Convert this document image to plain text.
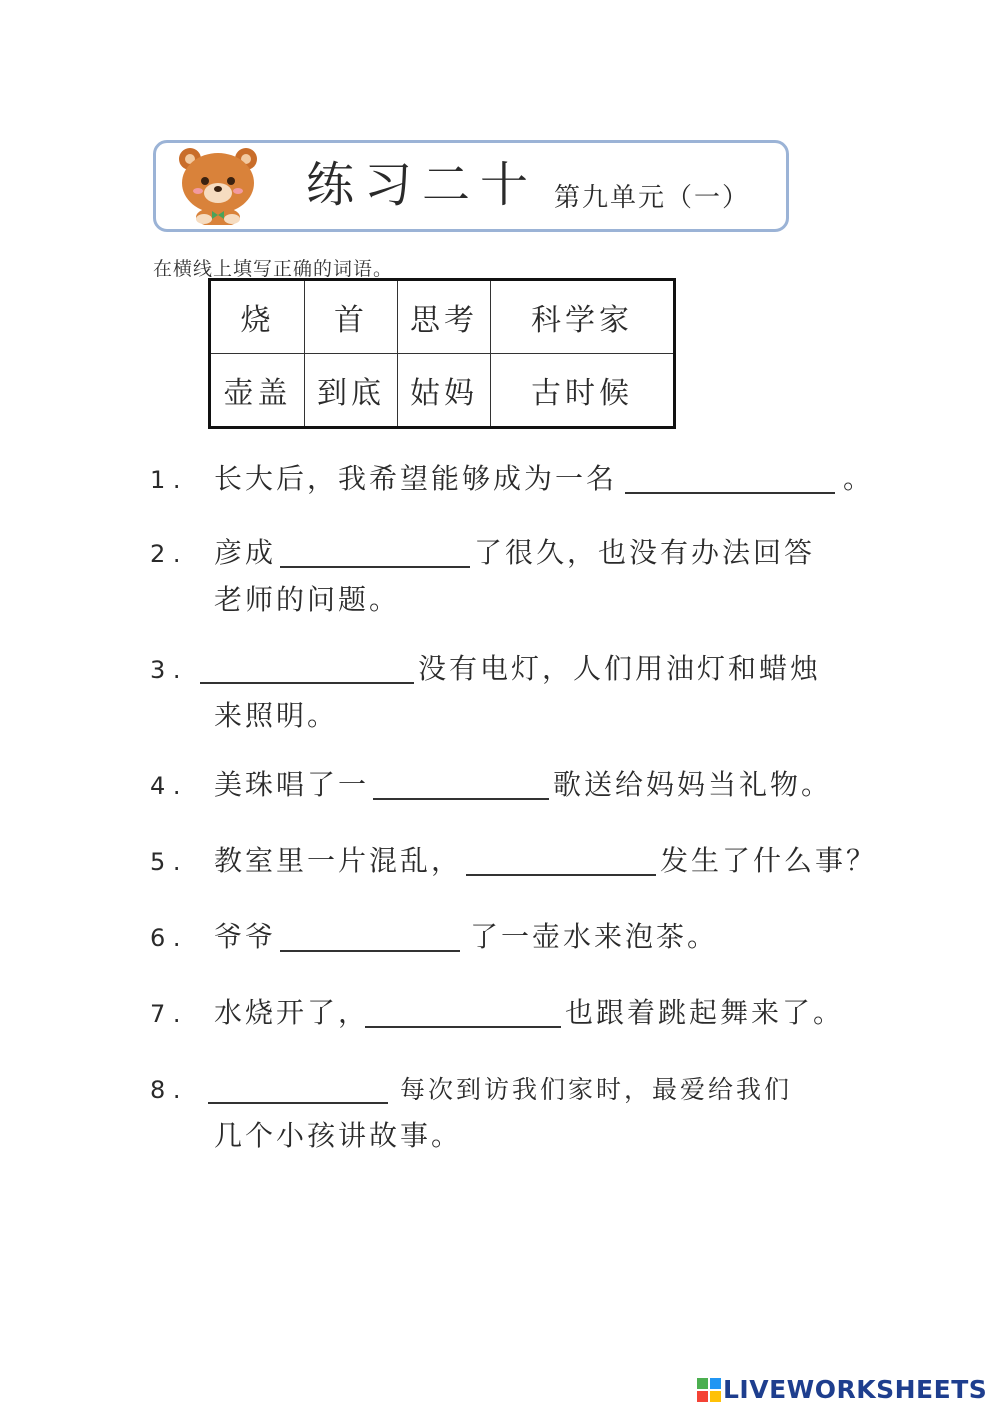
练习二十 第九单元（一）
在横线上填写正确的词语。
烧	首	思考	科学家
壶盖	到底	姑妈	古时候
1 . 长大后，我希望能够成为一名	。
2 . 彦成	了很久，也没有办法回答
老师的问题。
3 .	没有电灯，人们用油灯和蜡烛
来照明。
4 . 美珠唱了一	歌送给妈妈当礼物。
5 . 教室里一片混乱，	发生了什么事？
6 . 爷爷	了一壶水来泡茶。
7 . 水烧开了，	也跟着跳起舞来了。
8 .	每次到访我们家时，最爱给我们
几个小孩讲故事。
LIVEWORKSHEETS
